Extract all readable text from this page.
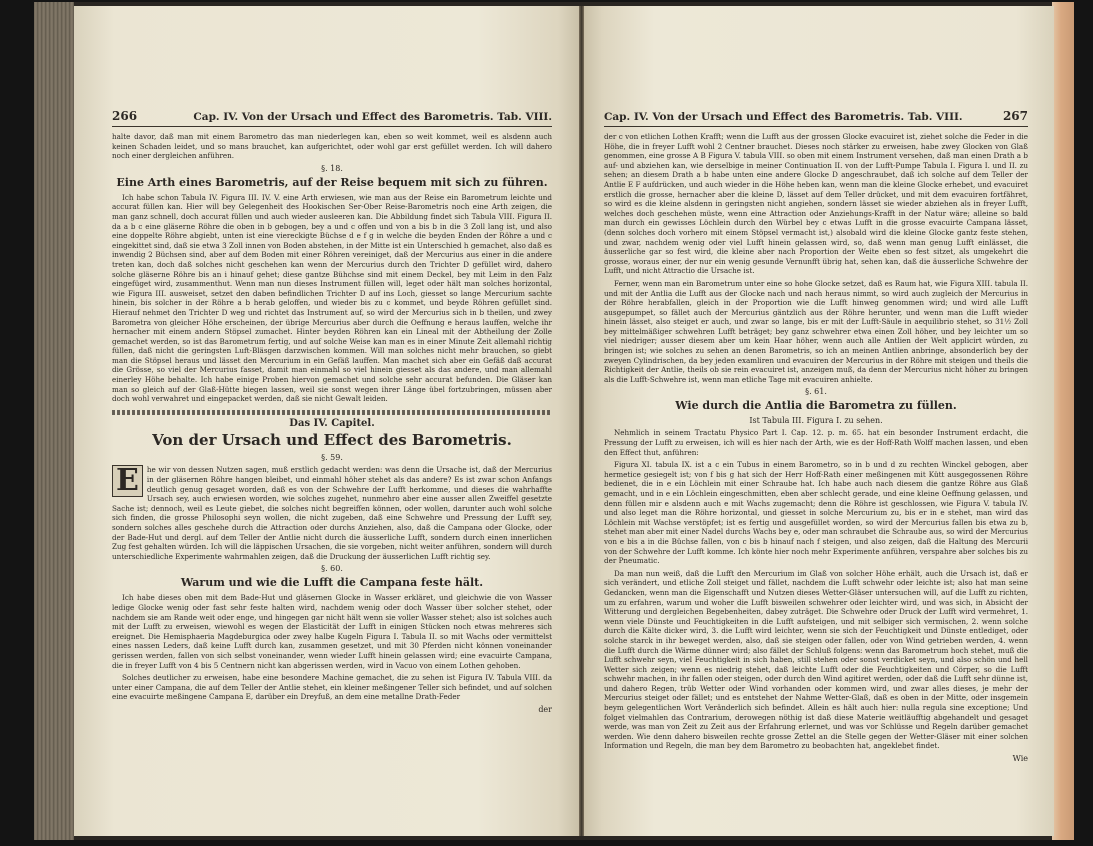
266	Cap. IV. Von der Ursach und Effect des Barometris. Tab. VIII.

halte davor, daß man mit einem Barometro das man niederlegen kan, eben so weit kommet, weil es alsdenn auch keinen Schaden leidet, und so mans brauchet, kan aufgerichtet, oder wohl gar erst gefüllet werden. Ich will dahero noch einer dergleichen anführen.

§. 18.
Eine Arth eines Barometris, auf der Reise bequem mit sich zu führen.

Ich habe schon Tabula IV. Figura III. IV. V. eine Arth erwiesen, wie man aus der Reise ein Barometrum leichte und accurat füllen kan. Hier will bey Gelegenheit des Hookischen Ser-Ober Reise-Barometris noch eine Arth zeigen, die man ganz schnell, doch accurat füllen und auch wieder ausleeren kan. Die Abbildung findet sich Tabula VIII. Figura II. da a b c eine gläserne Röhre die oben in b gebogen, bey a und c offen und von a bis b in die 3 Zoll lang ist, und also eine doppelte Röhre abgiebt, unten ist eine viereckigte Büchse d e f g in welche die beyden Enden der Röhre a und c eingekittet sind, daß sie etwa 3 Zoll innen von Boden abstehen, in der Mitte ist ein Unterschied h gemachet, also daß es inwendig 2 Büchsen sind, aber auf dem Boden mit einer Röhren vereiniget, daß der Mercurius aus einer in die andere treten kan, doch daß solches nicht geschehen kan wenn der Mercurius durch den Trichter D gefüllet wird, dahero solche gläserne Röhre bis an i hinauf gehet; diese gantze Bühchse sind mit einem Deckel, bey mit Leim in den Falz eingefüget wird, zusammenthut. Wenn man nun dieses Instrument füllen will, leget oder hält man solches horizontal, wie Figura III. ausweiset, setzet den daben befindlichen Trichter D auf ins Loch, giesset so lange Mercurium sachte hinein, bis solcher in der Röhre a b herab geloffen, und wieder bis zu c kommet, und beyde Röhren gefüllet sind. Hierauf nehmet den Trichter D weg und richtet das Instrument auf, so wird der Mercurius sich in b theilen, und zwey Barometra von gleicher Höhe erscheinen, der übrige Mercurius aber durch die Oeffnung e heraus lauffen, welche ihr hernacher mit einem andern Stöpsel zumachet. Hinter beyden Röhren kan ein Lineal mit der Abtheilung der Zolle gemachet werden, so ist das Barometrum fertig, und auf solche Weise kan man es in einer Minute Zeit allemahl richtig füllen, daß nicht die geringsten Luft-Bläsgen darzwischen kommen. Will man solches nicht mehr brauchen, so giebt man die Stöpsel heraus und lässet den Mercurium in ein Gefäß lauffen. Man machet sich aber ein Gefäß daß accurat die Grösse, so viel der Mercurius fasset, damit man einmahl so viel hinein giesset als das andere, und man allemahl einerley Höhe behalte. Ich habe einige Proben hiervon gemachet und solche sehr accurat befunden. Die Gläser kan man so gleich auf der Glaß-Hütte biegen lassen, weil sie sonst wegen ihrer Länge übel fortzubringen, müssen aber doch wohl verwahret und eingepacket werden, daß sie nicht Gewalt leiden.

Das IV. Capitel.
Von der Ursach und Effect des Barometris.
§. 59.
E	he wir von dessen Nutzen sagen, muß erstlich gedacht werden: was denn die Ursache ist, daß der Mercurius in der gläsernen Röhre hangen bleibet, und einmahl höher stehet als das andere? Es ist zwar schon Anfangs deutlich genug gesaget worden, daß es von der Schwehre der Lufft herkomme, und dieses die wahrhaffte Ursach sey, auch erwiesen worden, wie solches zugehet, nunmehro aber eine ausser allen Zweiffel gesetzte Sache ist; dennoch, weil es Leute giebet, die solches nicht begreiffen können, oder wollen, darunter auch wohl solche sich finden, die grosse Philosophi seyn wollen, die nicht zugeben, daß eine Schwehre und Pressung der Lufft sey, sondern solches alles geschehe durch die Attraction oder durchs Anziehen, also, daß die Campana oder Glocke, oder der Bade-Hut und dergl. auf dem Teller der Antlie nicht durch die äusserliche Lufft, sondern durch einen innerlichen Zug fest gehalten würden. Ich will die läppischen Ursachen, die sie vorgeben, nicht weiter anführen, sondern will durch unterschiedliche Experimente wahrmahlen zeigen, daß die Druckung der äusserlichen Lufft richtig sey.

§. 60.
Warum und wie die Lufft die Campana feste hält.

Ich habe dieses oben mit dem Bade-Hut und gläsernen Glocke in Wasser erkläret, und gleichwie die von Wasser ledige Glocke wenig oder fast sehr feste halten wird, nachdem wenig oder doch Wasser über solcher stehet, oder nachdem sie am Rande weit oder enge, und hingegen gar nicht hält wenn sie voller Wasser stehet; also ist solches auch mit der Lufft zu erweisen, wiewohl es wegen der Elasticität der Lufft in einigen Stücken noch etwas mehreres sich ereignet. Die Hemisphaeria Magdeburgica oder zwey halbe Kugeln Figura I. Tabula II. so mit Wachs oder vermittelst eines nassen Leders, daß keine Lufft durch kan, zusammen gesetzet, und mit 30 Pferden nicht können voneinander gerissen werden, fallen von sich selbst voneinander, wenn wieder Lufft hinein gelassen wird; eine evacuirte Campana, die in freyer Lufft von 4 bis 5 Centnern nicht kan abgerissen werden, wird in Vacuo von einem Lothen gehoben.

Solches deutlicher zu erweisen, habe eine besondere Machine gemachet, die zu sehen ist Figura IV. Tabula VIII. da unter einer Campana, die auf dem Teller der Antlie stehet, ein kleiner meßingener Teller sich befindet, und auf solchen eine evacuirte meßingene Campana E, darüber ein Dreyfuß, an dem eine metallne Drath-Feder

der
Cap. IV. Von der Ursach und Effect des Barometris. Tab. VIII.	267

der c von etlichen Lothen Krafft; wenn die Lufft aus der grossen Glocke evacuiret ist, ziehet solche die Feder in die Höhe, die in freyer Lufft wohl 2 Centner brauchet. Dieses noch stärker zu erweisen, habe zwey Glocken von Glaß genommen, eine grosse A B Figura V. tabula VIII. so oben mit einem Instrument versehen, daß man einen Drath a b auf- und abziehen kan, wie derselbige in meiner Continuation II. von der Lufft-Pumpe Tabula I. Figura I. und II. zu sehen; an diesem Drath a b habe unten eine andere Glocke D angeschraubet, daß ich solche auf dem Teller der Antlie E F aufdrücken, und auch wieder in die Höhe heben kan, wenn man die kleine Glocke erhebet, und evacuiret erstlich die grosse, hernacher aber die kleine D, lässet auf dem Teller drücket, und mit dem evacuiren fortfähret, so wird es die kleine alsdenn in geringsten nicht angiehen, sondern lässet sie wieder abziehen als in freyer Lufft, welches doch geschehen müste, wenn eine Attraction oder Anziehungs-Krafft in der Natur wäre; alleine so bald man durch ein gewisses Löchlein durch den Würbel bey c etwas Lufft in die grosse evacuirte Campana lässet, (denn solches doch vorhero mit einem Stöpsel vermacht ist,) alsobald wird die kleine Glocke gantz feste stehen, und zwar, nachdem wenig oder viel Lufft hinein gelassen wird, so, daß wenn man genug Lufft einlässet, die äusserliche gar so fest wird, die kleine aber nach Proportion der Weite eben so fest sitzet, als umgekehrt die grosse, woraus einer, der nur ein wenig gesunde Vernunfft übrig hat, sehen kan, daß die äusserliche Schwehre der Lufft, und nicht Attractio die Ursache ist.

Ferner, wenn man ein Barometrum unter eine so hohe Glocke setzet, daß es Raum hat, wie Figura XIII. tabula II. und mit der Antlia die Lufft aus der Glocke nach und nach heraus nimmt, so wird auch zugleich der Mercurius in der Röhre herabfallen, gleich in der Proportion wie die Lufft hinweg genommen wird; und wird alle Lufft ausgepumpet, so fället auch der Mercurius gäntzlich aus der Röhre herunter, und wenn man die Lufft wieder hinein lässet, also steiget er auch, und zwar so lange, bis er mit der Lufft-Säule in aequilibrio stehet, so 31½ Zoll bey mittelmäßiger schwehren Lufft beträget; bey ganz schwehrer etwa einen Zoll höher, und bey leichter um so viel niedriger; ausser diesem aber um kein Haar höher, wenn auch alle Antlien der Welt applicirt würden, zu bringen ist; wie solches zu sehen an denen Barometris, so ich an meinen Antlien anbringe, absonderlich bey der zweyen Cylindrischen, da bey jeden examliren und evacuiren der Mercurius in der Röhre mit steigen und theils die Richtigkeit der Antlie, theils ob sie rein evacuiret ist, anzeigen muß, da denn der Mercurius nicht höher zu bringen als die Lufft-Schwehre ist, wenn man etliche Tage mit evacuiren anhielte.

§. 61.
Wie durch die Antlia die Barometra zu füllen.
Ist Tabula III. Figura I. zu sehen.

Nehmlich in seinem Tractatu Physico Part I. Cap. 12. p. m. 65. hat ein besonder Instrument erdacht, die Pressung der Lufft zu erweisen, ich will es hier nach der Arth, wie es der Hoff-Rath Wolff machen lassen, und eben den Effect thut, anführen:

Figura XI. tabula IX. ist a c ein Tubus in einem Barometro, so in b und d zu rechten Winckel gebogen, aber hermetice gesiegelt ist; von f bis g hat sich der Herr Hoff-Rath einer meßingenen mit Kütt ausgegossenen Röhre bedienet, die in e ein Löchlein mit einer Schraube hat. Ich habe auch nach diesem die gantze Röhre aus Glaß gemacht, und in e ein Löchlein eingeschmitten, eben aber schlecht gerade, und eine kleine Oeffnung gelassen, und denn füllen mir e alsdenn auch e mit Wachs zugemacht; denn die Röhre ist geschlossen, wie Figura V. tabula IV. und also leget man die Röhre horizontal, und giesset in solche Mercurium zu, bis er in e stehet, man wird das Löchlein mit Wachse verstöpfet; ist es fertig und ausgefüllet worden, so wird der Mercurius fallen bis etwa zu b, stehet man aber mit einer Nadel durchs Wachs bey e, oder man schraubet die Schraube aus, so wird der Mercurius von e bis a in die Büchse fallen, von c bis b hinauf nach f steigen, und also zeigen, daß die Haltung des Mercurii von der Schwehre der Lufft komme. Ich könte hier noch mehr Experimente anführen, verspahre aber solches bis zu der Pneumatic.

Da man nun weiß, daß die Lufft den Mercurium im Glaß von solcher Höhe erhält, auch die Ursach ist, daß er sich verändert, und etliche Zoll steiget und fället, nachdem die Lufft schwehr oder leichte ist; also hat man seine Gedancken, wenn man die Eigenschafft und Nutzen dieses Wetter-Gläser untersuchen will, auf die Lufft zu richten, um zu erfahren, warum und woher die Lufft bisweilen schwehrer oder leichter wird, und was sich, in Absicht der Witterung und dergleichen Begebenheiten, dabey zuträget. Die Schwehre oder Druck der Lufft wird vermehret, 1. wenn viele Dünste und Feuchtigkeiten in die Lufft aufsteigen, und mit selbiger sich vermischen, 2. wenn solche durch die Kälte dicker wird, 3. die Lufft wird leichter, wenn sie sich der Feuchtigkeit und Dünste entlediget, oder solche starck in ihr beweget werden, also, daß sie steigen oder fallen, oder von Wind getrieben werden, 4. wenn die Lufft durch die Wärme dünner wird; also fället der Schluß folgens: wenn das Barometrum hoch stehet, muß die Lufft schwehr seyn, viel Feuchtigkeit in sich haben, still stehen oder sonst verdicket seyn, und also schön und hell Wetter sich zeigen; wenn es niedrig stehet, daß leichte Lufft oder die Feuchtigkeiten und Cörper, so die Lufft schwehr machen, in ihr fallen oder steigen, oder durch den Wind agitiret werden, oder daß die Lufft sehr dünne ist, und dahero Regen, trüb Wetter oder Wind vorhanden oder kommen wird, und zwar alles dieses, je mehr der Mercurius steiget oder fället; und es entstehet der Nahme Wetter-Glaß, daß es oben in der Mitte, oder insgemein beym gelegentlichen Wort Veränderlich sich befindet. Allein es hält auch hier: nulla regula sine exceptione; Und folget vielmahlen das Contrarium, derowegen nöthig ist daß diese Materie weitläufftig abgehandelt und gesaget werde, was man von Zeit zu Zeit aus der Erfahrung erlernet, und was vor Schlüsse und Regeln darüber gemachet werden. Wie denn dahero bisweilen rechte grosse Zettel an die Stelle gegen der Wetter-Gläser mit einer solchen Information und Regeln, die man bey dem Barometro zu beobachten hat, angeklebet findet.

Wie
